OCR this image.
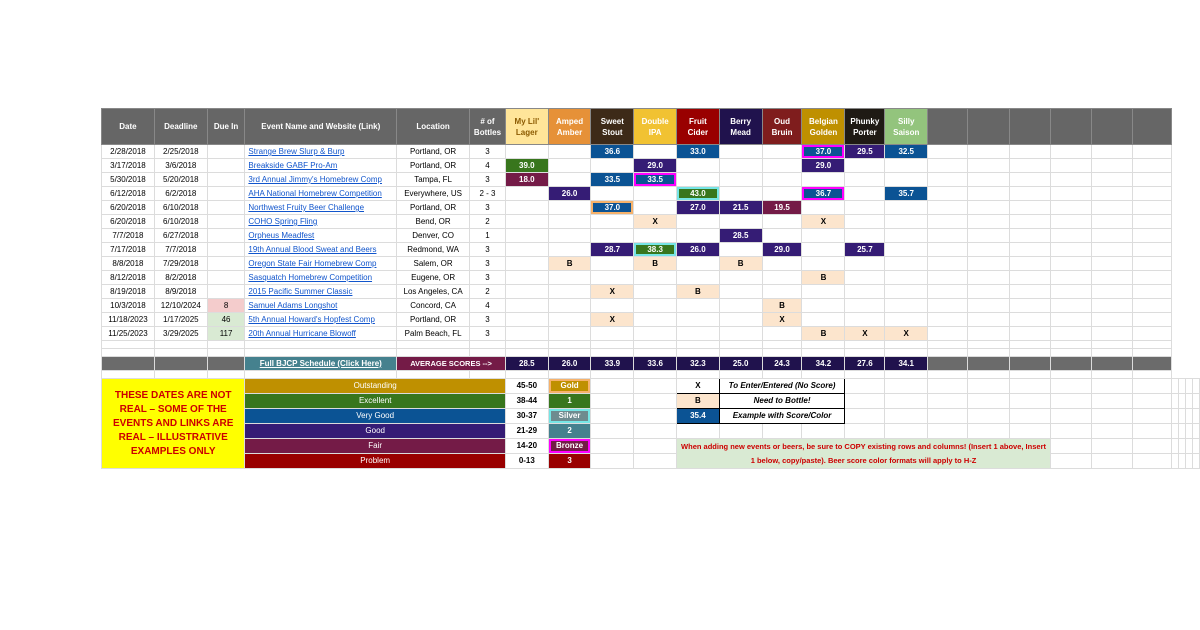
Date	Deadline	Due In	Event Name and Website (Link)	Location	# of Bottles	My Lil' Lager	Amped Amber	Sweet Stout	Double IPA	Fruit Cider	Berry Mead	Oud Bruin	Belgian Golden	Phunky Porter	Silly Saison										
2/28/2018	2/25/2018		Strange Brew Slurp & Burp	Portland, OR	3			36.6		33.0			37.0	29.5	32.5										
3/17/2018	3/6/2018		Breakside GABF Pro-Am	Portland, OR	4	39.0			29.0				29.0												
5/30/2018	5/20/2018		3rd Annual Jimmy's Homebrew Comp	Tampa, FL	3	18.0		33.5	33.5																
6/12/2018	6/2/2018		AHA National Homebrew Competition	Everywhere, US	2 - 3		26.0			43.0			36.7		35.7										
6/20/2018	6/10/2018		Northwest Fruity Beer Challenge	Portland, OR	3			37.0		27.0	21.5	19.5													
6/20/2018	6/10/2018		COHO Spring Fling	Bend, OR	2				X				X												
7/7/2018	6/27/2018		Orpheus Meadfest	Denver, CO	1						28.5														
7/17/2018	7/7/2018		19th Annual Blood Sweat and Beers	Redmond, WA	3			28.7	38.3	26.0		29.0		25.7											
8/8/2018	7/29/2018		Oregon State Fair Homebrew Comp	Salem, OR	3		B		B		B														
8/12/2018	8/2/2018		Sasquatch Homebrew Competition	Eugene, OR	3								B												
8/19/2018	8/9/2018		2015 Pacific Summer Classic	Los Angeles, CA	2			X		B															
10/3/2018	12/10/2024	8	Samuel Adams Longshot	Concord, CA	4							B													
11/18/2023	1/17/2025	46	5th Annual Howard's Hopfest Comp	Portland, OR	3			X				X													
11/25/2023	3/29/2025	117	20th Annual Hurricane Blowoff	Palm Beach, FL	3								B	X	X										

			Full BJCP Schedule (Click Here)	AVERAGE SCORES -->		28.5	26.0	33.9	33.6	32.3	25.0	24.3	34.2	27.6	34.1										

THESE DATES ARE NOT REAL – SOME OF THE EVENTS AND LINKS ARE REAL – ILLUSTRATIVE EXAMPLES ONLY			Outstanding			45-50	Gold			X	To Enter/Entered (No Score)														
			Excellent			38-44	1			B	Need to Bottle!														
			Very Good			30-37	Silver			35.4	Example with Score/Color														
			Good			21-29	2																		
			Fair			14-20	Bronze			When adding new events or beers, be sure to COPY existing rows and columns! (Insert 1 above, Insert 1 below, copy/paste). Beer score color formats will apply to H-Z															
			Problem			0-13	3																		
